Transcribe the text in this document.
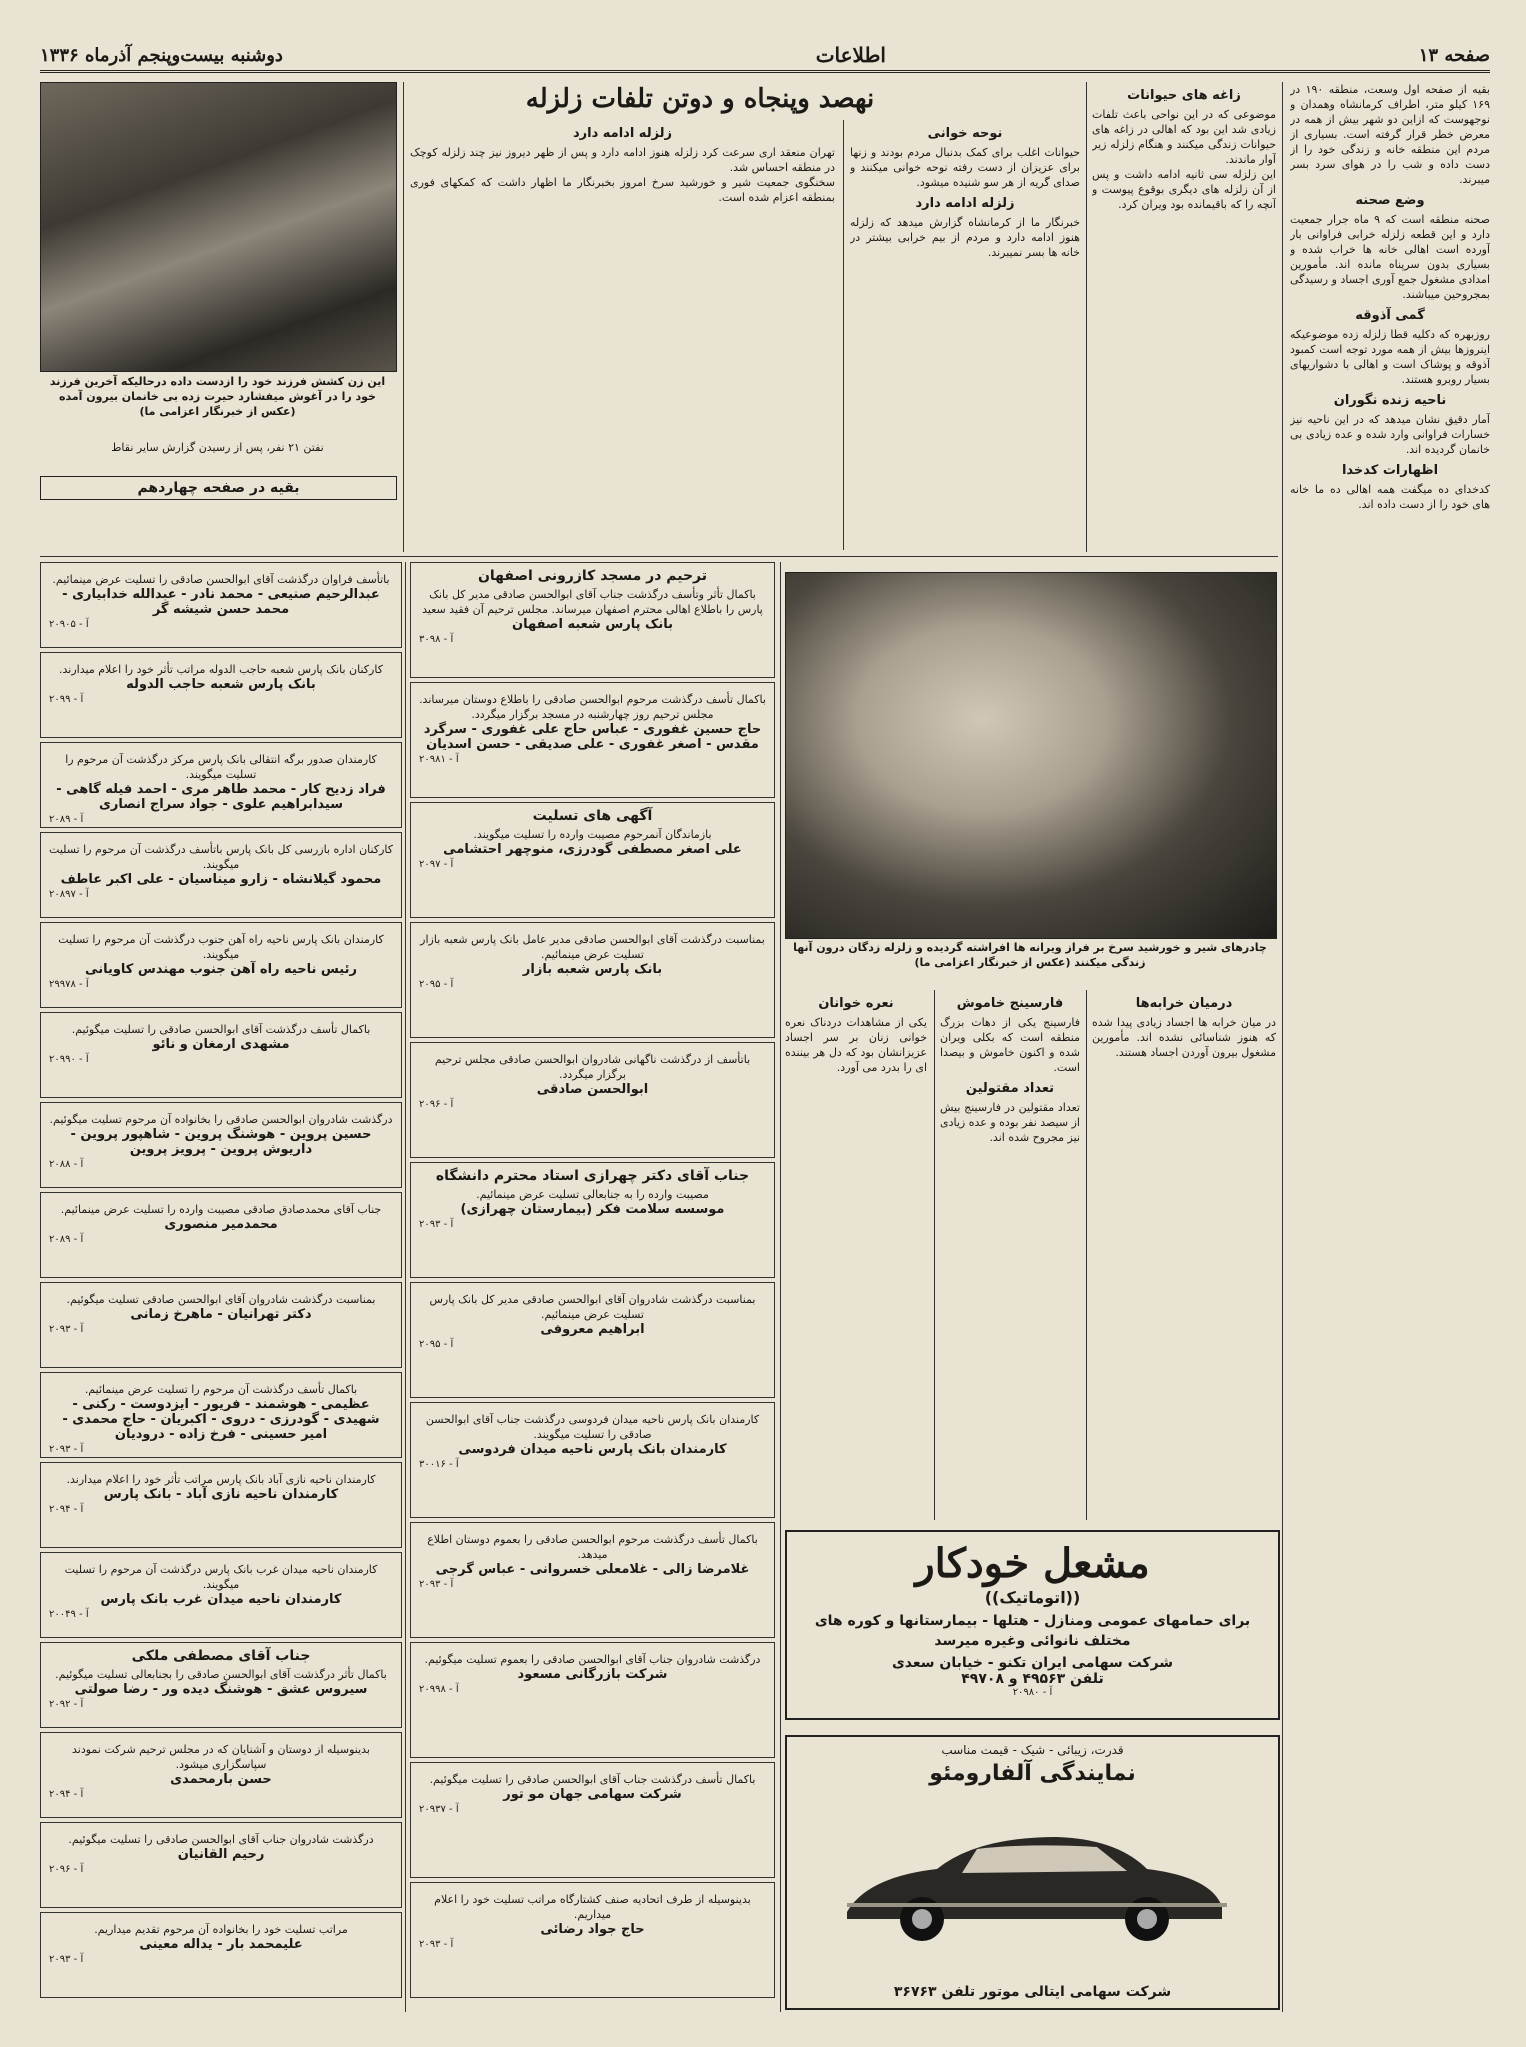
صفحه ۱۳
اطلاعات
دوشنبه بیست‌وپنجم آذرماه ۱۳۳۶
بقیه از صفحه اول وسعت، منطقه ۱۹۰ در ۱۶۹ کیلو متر، اطراف کرمانشاه وهمدان و نوجهوست که ازاین دو شهر بیش از همه در معرض خطر قرار گرفته است. بسیاری از مردم این منطقه خانه و زندگی خود را از دست داده و شب را در هوای سرد بسر میبرند.
وضع صحنه
صحنه منطقه است که ۹ ماه جرار جمعیت دارد و این قطعه زلزله خرابی فراوانی بار آورده است اهالی خانه ها خراب شده و بسیاری بدون سرپناه مانده اند. مأمورین امدادی مشغول جمع آوری اجساد و رسیدگی بمجروحین میباشند.
گمی آذوقه
روزبهره که دکلیه قطا زلزله زده موضوعیکه اینروزها بیش از همه مورد توجه است کمبود آذوقه و پوشاک است و اهالی با دشواریهای بسیار روبرو هستند.
ناحیه زنده نگوران
آمار دقیق نشان میدهد که در این ناحیه نیز خسارات فراوانی وارد شده و عده زیادی بی خانمان گردیده اند.
اظهارات کدخدا
کدخدای ده میگفت همه اهالی ده ما خانه های خود را از دست داده اند.
نهصد وپنجاه و دوتن تلفات زلزله	زاغه های حیوانات
موضوعی که در این نواحی باعث تلفات زیادی شد این بود که اهالی در زاغه های حیوانات زندگی میکنند و هنگام زلزله زیر آوار ماندند.
این زلزله سی ثانیه ادامه داشت و پس از آن زلزله های دیگری بوقوع پیوست و آنچه را که باقیمانده بود ویران کرد.
نوحه خوانی
حیوانات اغلب برای کمک بدنبال مردم بودند و زنها برای عزیزان از دست رفته نوحه خوانی میکنند و صدای گریه از هر سو شنیده میشود.
زلزله ادامه دارد
خبرنگار ما از کرمانشاه گزارش میدهد که زلزله هنوز ادامه دارد و مردم از بیم خرابی بیشتر در خانه ها بسر نمیبرند.
زلزله ادامه دارد
تهران منعقد اری سرعت کرد زلزله هنوز ادامه دارد و پس از ظهر دیروز نیز چند زلزله کوچک در منطقه احساس شد.
سخنگوی جمعیت شیر و خورشید سرخ امروز بخبرنگار ما اظهار داشت که کمکهای فوری بمنطقه اعزام شده است.
این زن کشش فرزند خود را ازدست داده درحالیکه آخرین فرزند خود را در آغوش میفشارد حیرت زده بی خانمان بیرون آمده (عکس از خبرنگار اعزامی ما)
نفتن ۲۱ نفر، پس از رسیدن گزارش سایر نقاط
بقیه در صفحه چهاردهم
چادرهای شیر و خورشید سرخ بر فراز ویرانه ها افراشته گردیده و زلزله زدگان درون آنها زندگی میکنند (عکس از خبرنگار اعزامی ما)
درمیان خرابه‌ها
در میان خرابه ها اجساد زیادی پیدا شده که هنوز شناسائی نشده اند. مأمورین مشغول بیرون آوردن اجساد هستند.
فارسینج خاموش
فارسینج یکی از دهات بزرگ منطقه است که بکلی ویران شده و اکنون خاموش و بیصدا است.
تعداد مقتولین
تعداد مقتولین در فارسینج بیش از سیصد نفر بوده و عده زیادی نیز مجروح شده اند.
نعره خوانان
یکی از مشاهدات دردناک نعره خوانی زنان بر سر اجساد عزیزانشان بود که دل هر بیننده ای را بدرد می آورد.
مشعل خودکار
((اتوماتیک))
برای حمامهای عمومی ومنازل - هتلها - بیمارستانها و کوره های مختلف نانوائی وغیره میرسد
شرکت سهامی ایران تکنو - خیابان سعدی
تلفن ۴۹۵۶۳ و ۴۹۷۰۸
آ - ۲۰۹۸۰
قدرت، زیبائی - شیک - قیمت مناسب
نمایندگی آلفارومئو
شرکت سهامی ایتالی موتور تلفن ۳۶۷۶۳
ترحیم در مسجد کازرونی اصفهان
باکمال تأثر وتأسف درگذشت جناب آقای ابوالحسن صادقی مدیر کل بانک پارس را باطلاع اهالی محترم اصفهان میرساند. مجلس ترحیم آن فقید سعید
بانک پارس شعبه اصفهان
آ - ۳۰۹۸
باکمال تأسف درگذشت مرحوم ابوالحسن صادقی را باطلاع دوستان میرساند. مجلس ترحیم روز چهارشنبه در مسجد برگزار میگردد.
حاج حسین غفوری - عباس حاج علی غفوری - سرگرد مقدس - اصغر غفوری - علی صدیقی - حسن اسدیان
آ - ۲۰۹۸۱
آگهی های تسلیت
بازماندگان آنمرحوم مصیبت وارده را تسلیت میگویند.
علی اصغر مصطفی گودرزی، منوچهر احتشامی
آ - ۲۰۹۷
بمناسبت درگذشت آقای ابوالحسن صادقی مدیر عامل بانک پارس شعبه بازار تسلیت عرض مینمائیم.
بانک پارس شعبه بازار
آ - ۲۰۹۵
باتأسف از درگذشت ناگهانی شادروان ابوالحسن صادقی مجلس ترحیم برگزار میگردد.
ابوالحسن صادقی
آ - ۲۰۹۶
جناب آقای دکتر چهرازی استاد محترم دانشگاه
مصیبت وارده را به جنابعالی تسلیت عرض مینمائیم.
موسسه سلامت فکر (بیمارستان چهرازی)
آ - ۲۰۹۳
بمناسبت درگذشت شادروان آقای ابوالحسن صادقی مدیر کل بانک پارس تسلیت عرض مینمائیم.
ابراهیم معروفی
آ - ۲۰۹۵
کارمندان بانک پارس ناحیه میدان فردوسی درگذشت جناب آقای ابوالحسن صادقی را تسلیت میگویند.
کارمندان بانک پارس ناحیه میدان فردوسی
آ - ۳۰۰۱۶
باکمال تأسف درگذشت مرحوم ابوالحسن صادقی را بعموم دوستان اطلاع میدهد.
غلامرضا زالی - غلامعلی خسروانی - عباس گرجی
آ - ۲۰۹۳
درگذشت شادروان جناب آقای ابوالحسن صادقی را بعموم تسلیت میگوئیم.
شرکت بازرگانی مسعود
آ - ۲۰۹۹۸
باکمال تأسف درگذشت جناب آقای ابوالحسن صادقی را تسلیت میگوئیم.
شرکت سهامی جهان مو تور
آ - ۲۰۹۳۷
بدینوسیله از طرف اتحادیه صنف کشتارگاه مراتب تسلیت خود را اعلام میداریم.
حاج جواد رضائی
آ - ۲۰۹۳
باتأسف فراوان درگذشت آقای ابوالحسن صادقی را تسلیت عرض مینمائیم.
عبدالرحیم صنیعی - محمد نادر - عبدالله خدابیاری - محمد حسن شیشه گر
آ - ۲۰۹۰۵
کارکنان بانک پارس شعبه حاجب الدوله مراتب تأثر خود را اعلام میدارند.
بانک پارس شعبه حاجب الدوله
آ - ۲۰۹۹
کارمندان صدور برگه انتقالی بانک پارس مرکز درگذشت آن مرحوم را تسلیت میگویند.
فراد زدیح کار - محمد طاهر مری - احمد فیله گاهی - سیدابراهیم علوی - جواد سراج انصاری
آ - ۲۰۸۹
کارکنان اداره بازرسی کل بانک پارس باتأسف درگذشت آن مرحوم را تسلیت میگویند.
محمود گیلانشاه - زارو میناسیان - علی اکبر عاطف
آ - ۲۰۸۹۷
کارمندان بانک پارس ناحیه راه آهن جنوب درگذشت آن مرحوم را تسلیت میگویند.
رئیس ناحیه راه آهن جنوب مهندس کاویانی
آ - ۲۹۹۷۸
باکمال تأسف درگذشت آقای ابوالحسن صادقی را تسلیت میگوئیم.
مشهدی ارمغان و نائو
آ - ۲۰۹۹۰
درگذشت شادروان ابوالحسن صادقی را بخانواده آن مرحوم تسلیت میگوئیم.
حسین پروین - هوشنگ پروین - شاهپور پروین - داریوش پروین - پرویز پروین
آ - ۲۰۸۸
جناب آقای محمدصادق صادقی مصیبت وارده را تسلیت عرض مینمائیم.
محمدمیر منصوری
آ - ۲۰۸۹
بمناسبت درگذشت شادروان آقای ابوالحسن صادقی تسلیت میگوئیم.
دکتر تهرانیان - ماهرخ زمانی
آ - ۲۰۹۳
باکمال تأسف درگذشت آن مرحوم را تسلیت عرض مینمائیم.
عظیمی - هوشمند - فریور - ایزدوست - رکنی - شهیدی - گودرزی - دروی - اکبریان - حاج محمدی - امیر حسینی - فرخ زاده - درودیان
آ - ۲۰۹۳
کارمندان ناحیه نازی آباد بانک پارس مراتب تأثر خود را اعلام میدارند.
کارمندان ناحیه نازی آباد - بانک پارس
آ - ۲۰۹۴
کارمندان ناحیه میدان غرب بانک پارس درگذشت آن مرحوم را تسلیت میگویند.
کارمندان ناحیه میدان غرب بانک پارس
آ - ۲۰۰۴۹
جناب آقای مصطفی ملکی
باکمال تأثر درگذشت آقای ابوالحسن صادقی را بجنابعالی تسلیت میگوئیم.
سیروس عشق - هوشنگ دیده ور - رضا صولتی
آ - ۲۰۹۲
بدینوسیله از دوستان و آشنایان که در مجلس ترحیم شرکت نمودند سپاسگزاری میشود.
حسن بارمحمدی
آ - ۲۰۹۴
درگذشت شادروان جناب آقای ابوالحسن صادقی را تسلیت میگوئیم.
رحیم القانیان
آ - ۲۰۹۶
مراتب تسلیت خود را بخانواده آن مرحوم تقدیم میداریم.
علیمحمد بار - یداله معینی
آ - ۲۰۹۳
